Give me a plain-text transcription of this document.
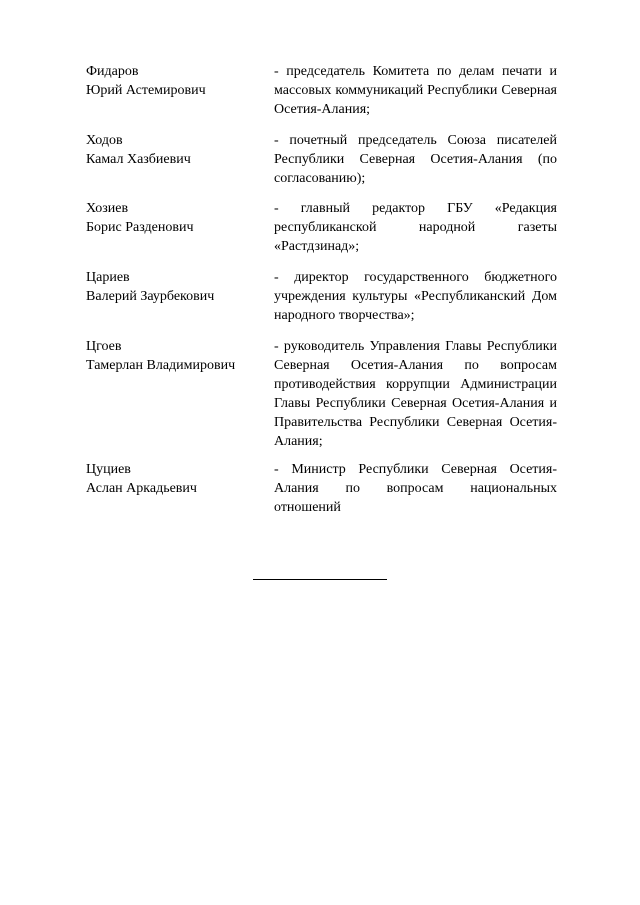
Фидаров
Юрий Астемирович
- председатель Комитета по делам печати и массовых коммуникаций Республики Северная Осетия-Алания;
Ходов
Камал Хазбиевич
- почетный председатель Союза писателей Республики Северная Осетия-Алания (по согласованию);
Хозиев
Борис Разденович
- главный редактор ГБУ «Редакция республиканской народной газеты «Растдзинад»;
Цариев
Валерий Заурбекович
- директор государственного бюджетного учреждения культуры «Республиканский Дом народного творчества»;
Цгоев
Тамерлан Владимирович
- руководитель Управления Главы Республики Северная Осетия-Алания по вопросам противодействия коррупции Администрации Главы Республики Северная Осетия-Алания и Правительства Республики Северная Осетия-Алания;
Цуциев
Аслан Аркадьевич
- Министр Республики Северная Осетия-Алания по вопросам национальных отношений
